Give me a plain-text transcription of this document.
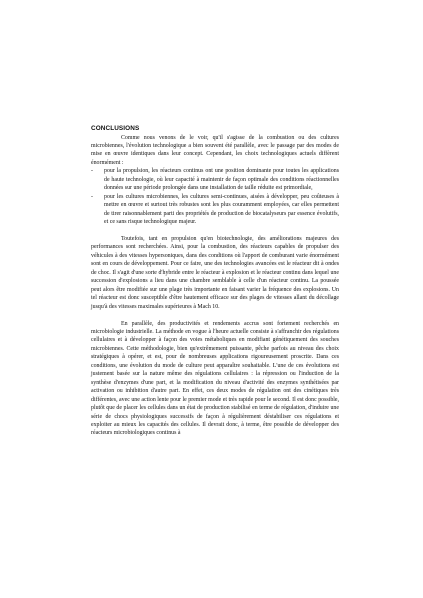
CONCLUSIONS

Comme nous venons de le voir, qu'il s'agisse de la combustion ou des cultures microbiennes, l'évolution technologique a bien souvent été parallèle, avec le passage par des modes de mise en œuvre identiques dans leur concept. Cependant, les choix technologiques actuels diffèrent énormément :

- pour la propulsion, les réacteurs continus ont une position dominante pour toutes les applications de haute technologie, où leur capacité à maintenir de façon optimale des conditions réactionnelles données sur une période prolongée dans une installation de taille réduite est primordiale,
- pour les cultures microbiennes, les cultures semi-continues, aisées à développer, peu coûteuses à mettre en œuvre et surtout très robustes sont les plus couramment employées, car elles permettent de tirer raisonnablement parti des propriétés de production de biocatalyseurs par essence évolutifs, et ce sans risque technologique majeur.

Toutefois, tant en propulsion qu'en biotechnologie, des améliorations majeures des performances sont recherchées. Ainsi, pour la combustion, des réacteurs capables de propulser des véhicules à des vitesses hypersoniques, dans des conditions où l'apport de comburant varie énormément sont en cours de développement. Pour ce faire, une des technologies avancées est le réacteur dit à ondes de choc. Il s'agit d'une sorte d'hybride entre le réacteur à explosion et le réacteur continu dans lequel une succession d'explosions a lieu dans une chambre semblable à celle d'un réacteur continu. La poussée peut alors être modifiée sur une plage très importante en faisant varier la fréquence des explosions. Un tel réacteur est donc susceptible d'être hautement efficace sur des plages de vitesses allant du décollage jusqu'à des vitesses maximales supérieures à Mach 10.

En parallèle, des productivités et rendements accrus sont fortement recherchés en microbiologie industrielle. La méthode en vogue à l'heure actuelle consiste à s'affranchir des régulations cellulaires et à développer à façon des voies métaboliques en modifiant génétiquement des souches microbiennes. Cette méthodologie, bien qu'extrêmement puissante, pêche parfois au niveau des choix stratégiques à opérer, et est, pour de nombreuses applications rigoureusement proscrite. Dans ces conditions, une évolution du mode de culture peut apparaître souhaitable. L'une de ces évolutions est justement basée sur la nature même des régulations cellulaires : la répression ou l'induction de la synthèse d'enzymes d'une part, et la modification du niveau d'activité des enzymes synthétisées par activation ou inhibition d'autre part. En effet, ces deux modes de régulation ont des cinétiques très différentes, avec une action lente pour le premier mode et très rapide pour le second. Il est donc possible, plutôt que de placer les cellules dans un état de production stabilisé en terme de régulation, d'induire une série de chocs physiologiques successifs de façon à régulièrement déstabiliser ces régulations et exploiter au mieux les capacités des cellules. Il devrait donc, à terme, être possible de développer des réacteurs microbiologiques continus à
